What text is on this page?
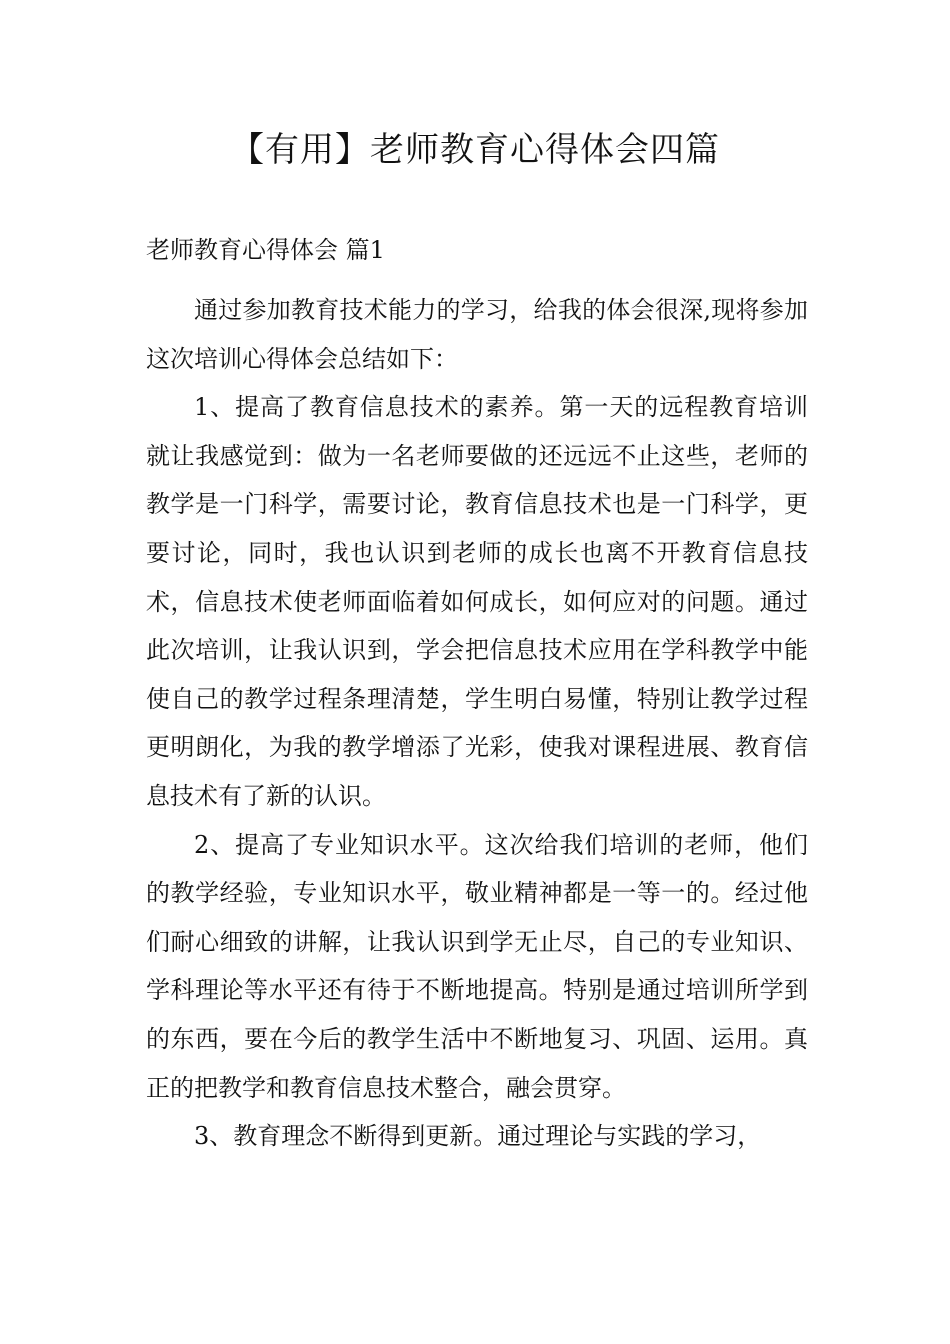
【有用】老师教育心得体会四篇
老师教育心得体会 篇1

通过参加教育技术能力的学习，给我的体会很深,现将参加这次培训心得体会总结如下：

1、提高了教育信息技术的素养。第一天的远程教育培训就让我感觉到：做为一名老师要做的还远远不止这些，老师的教学是一门科学，需要讨论，教育信息技术也是一门科学，更要讨论，同时，我也认识到老师的成长也离不开教育信息技术，信息技术使老师面临着如何成长，如何应对的问题。通过此次培训，让我认识到，学会把信息技术应用在学科教学中能使自己的教学过程条理清楚，学生明白易懂，特别让教学过程更明朗化，为我的教学增添了光彩，使我对课程进展、教育信息技术有了新的认识。

2、提高了专业知识水平。这次给我们培训的老师，他们的教学经验，专业知识水平，敬业精神都是一等一的。经过他们耐心细致的讲解，让我认识到学无止尽，自己的专业知识、学科理论等水平还有待于不断地提高。特别是通过培训所学到的东西，要在今后的教学生活中不断地复习、巩固、运用。真正的把教学和教育信息技术整合，融会贯穿。

3、教育理念不断得到更新。通过理论与实践的学习，
